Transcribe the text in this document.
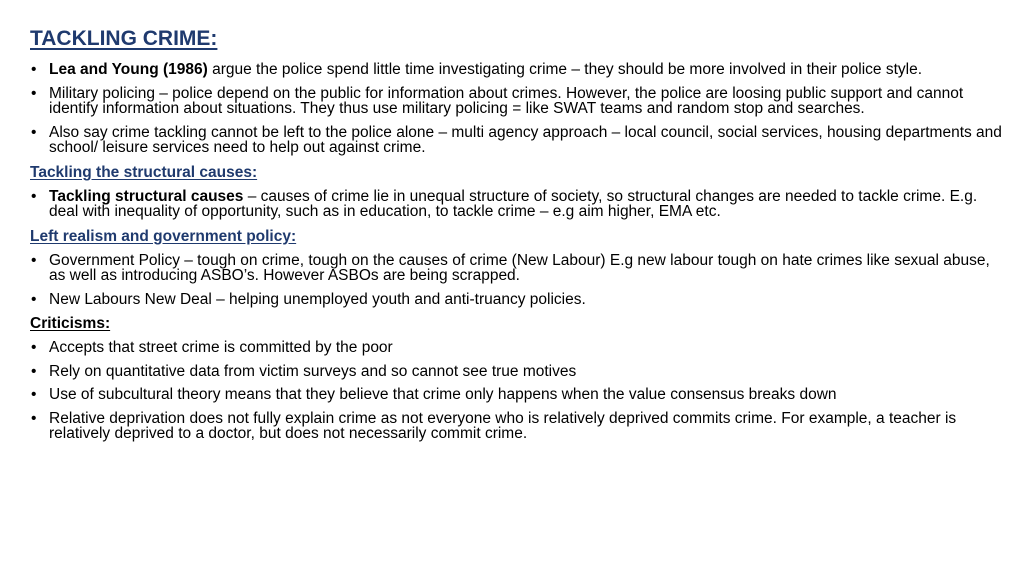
TACKLING CRIME:
• Lea and Young (1986) argue the police spend little time investigating crime – they should be more involved in their police style.
• Military policing – police depend on the public for information about crimes. However, the police are loosing public support and cannot identify information about situations. They thus use military policing = like SWAT teams and random stop and searches.
• Also say crime tackling cannot be left to the police alone – multi agency approach – local council, social services, housing departments and school/ leisure services need to help out against crime.
Tackling the structural causes:
• Tackling structural causes – causes of crime lie in unequal structure of society, so structural changes are needed to tackle crime. E.g. deal with inequality of opportunity, such as in education, to tackle crime – e.g aim higher, EMA etc.
Left realism and government policy:
• Government Policy – tough on crime, tough on the causes of crime (New Labour) E.g new labour tough on hate crimes like sexual abuse, as well as introducing ASBO’s. However ASBOs are being scrapped.
• New Labours New Deal – helping unemployed youth and anti-truancy policies.
Criticisms:
• Accepts that street crime is committed by the poor
• Rely on quantitative data from victim surveys and so cannot see true motives
• Use of subcultural theory means that they believe that crime only happens when the value consensus breaks down
• Relative deprivation does not fully explain crime as not everyone who is relatively deprived commits crime. For example, a teacher is relatively deprived to a doctor, but does not necessarily commit crime.
